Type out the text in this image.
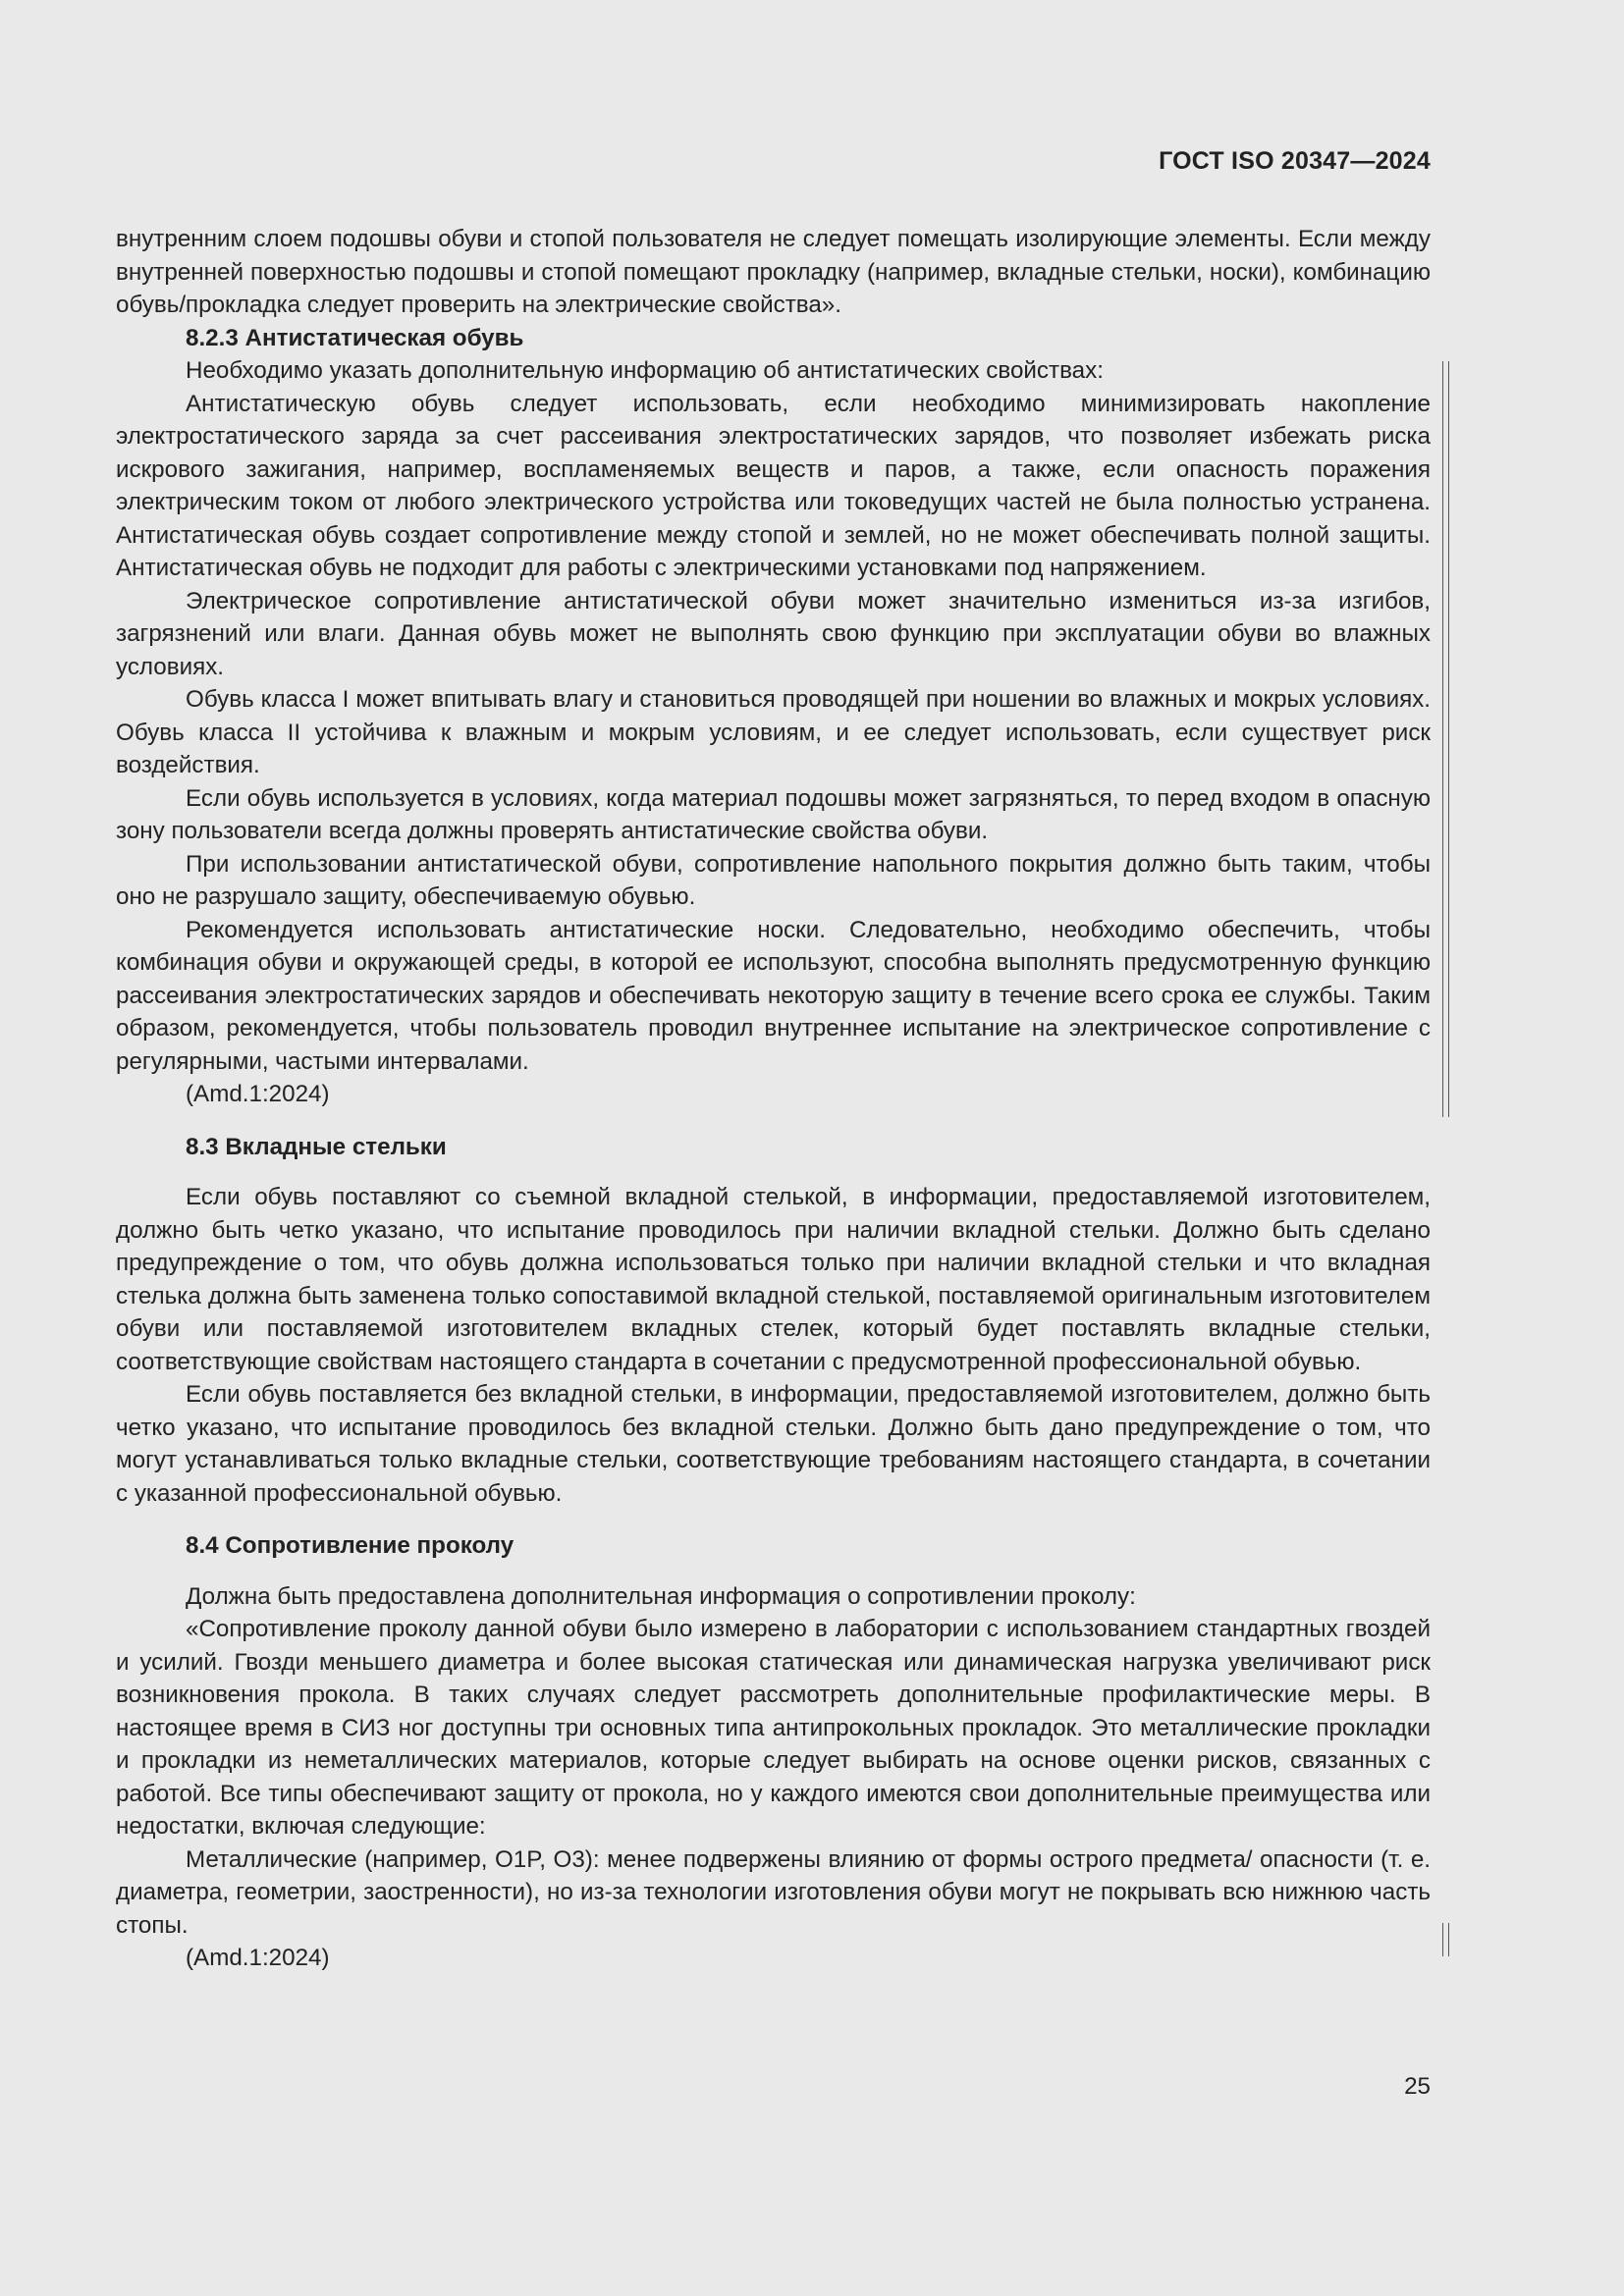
ГОСТ ISO 20347—2024

внутренним слоем подошвы обуви и стопой пользователя не следует помещать изолирующие элементы. Если между внутренней поверхностью подошвы и стопой помещают прокладку (например, вкладные стельки, носки), комбинацию обувь/прокладка следует проверить на электрические свойства».

8.2.3 Антистатическая обувь

Необходимо указать дополнительную информацию об антистатических свойствах:

Антистатическую обувь следует использовать, если необходимо минимизировать накопление электростатического заряда за счет рассеивания электростатических зарядов, что позволяет избежать риска искрового зажигания, например, воспламеняемых веществ и паров, а также, если опасность поражения электрическим током от любого электрического устройства или токоведущих частей не была полностью устранена. Антистатическая обувь создает сопротивление между стопой и землей, но не может обеспечивать полной защиты. Антистатическая обувь не подходит для работы с электрическими установками под напряжением.

Электрическое сопротивление антистатической обуви может значительно измениться из-за изгибов, загрязнений или влаги. Данная обувь может не выполнять свою функцию при эксплуатации обуви во влажных условиях.

Обувь класса I может впитывать влагу и становиться проводящей при ношении во влажных и мокрых условиях. Обувь класса II устойчива к влажным и мокрым условиям, и ее следует использовать, если существует риск воздействия.

Если обувь используется в условиях, когда материал подошвы может загрязняться, то перед входом в опасную зону пользователи всегда должны проверять антистатические свойства обуви.

При использовании антистатической обуви, сопротивление напольного покрытия должно быть таким, чтобы оно не разрушало защиту, обеспечиваемую обувью.

Рекомендуется использовать антистатические носки. Следовательно, необходимо обеспечить, чтобы комбинация обуви и окружающей среды, в которой ее используют, способна выполнять предусмотренную функцию рассеивания электростатических зарядов и обеспечивать некоторую защиту в течение всего срока ее службы. Таким образом, рекомендуется, чтобы пользователь проводил внутреннее испытание на электрическое сопротивление с регулярными, частыми интервалами.

(Amd.1:2024)

8.3 Вкладные стельки

Если обувь поставляют со съемной вкладной стелькой, в информации, предоставляемой изготовителем, должно быть четко указано, что испытание проводилось при наличии вкладной стельки. Должно быть сделано предупреждение о том, что обувь должна использоваться только при наличии вкладной стельки и что вкладная стелька должна быть заменена только сопоставимой вкладной стелькой, поставляемой оригинальным изготовителем обуви или поставляемой изготовителем вкладных стелек, который будет поставлять вкладные стельки, соответствующие свойствам настоящего стандарта в сочетании с предусмотренной профессиональной обувью.

Если обувь поставляется без вкладной стельки, в информации, предоставляемой изготовителем, должно быть четко указано, что испытание проводилось без вкладной стельки. Должно быть дано предупреждение о том, что могут устанавливаться только вкладные стельки, соответствующие требованиям настоящего стандарта, в сочетании с указанной профессиональной обувью.

8.4 Сопротивление проколу

Должна быть предоставлена дополнительная информация о сопротивлении проколу:

«Сопротивление проколу данной обуви было измерено в лаборатории с использованием стандартных гвоздей и усилий. Гвозди меньшего диаметра и более высокая статическая или динамическая нагрузка увеличивают риск возникновения прокола. В таких случаях следует рассмотреть дополнительные профилактические меры. В настоящее время в СИЗ ног доступны три основных типа антипрокольных прокладок. Это металлические прокладки и прокладки из неметаллических материалов, которые следует выбирать на основе оценки рисков, связанных с работой. Все типы обеспечивают защиту от прокола, но у каждого имеются свои дополнительные преимущества или недостатки, включая следующие:

Металлические (например, O1P, O3): менее подвержены влиянию от формы острого предмета/ опасности (т. е. диаметра, геометрии, заостренности), но из-за технологии изготовления обуви могут не покрывать всю нижнюю часть стопы.

(Amd.1:2024)

25
